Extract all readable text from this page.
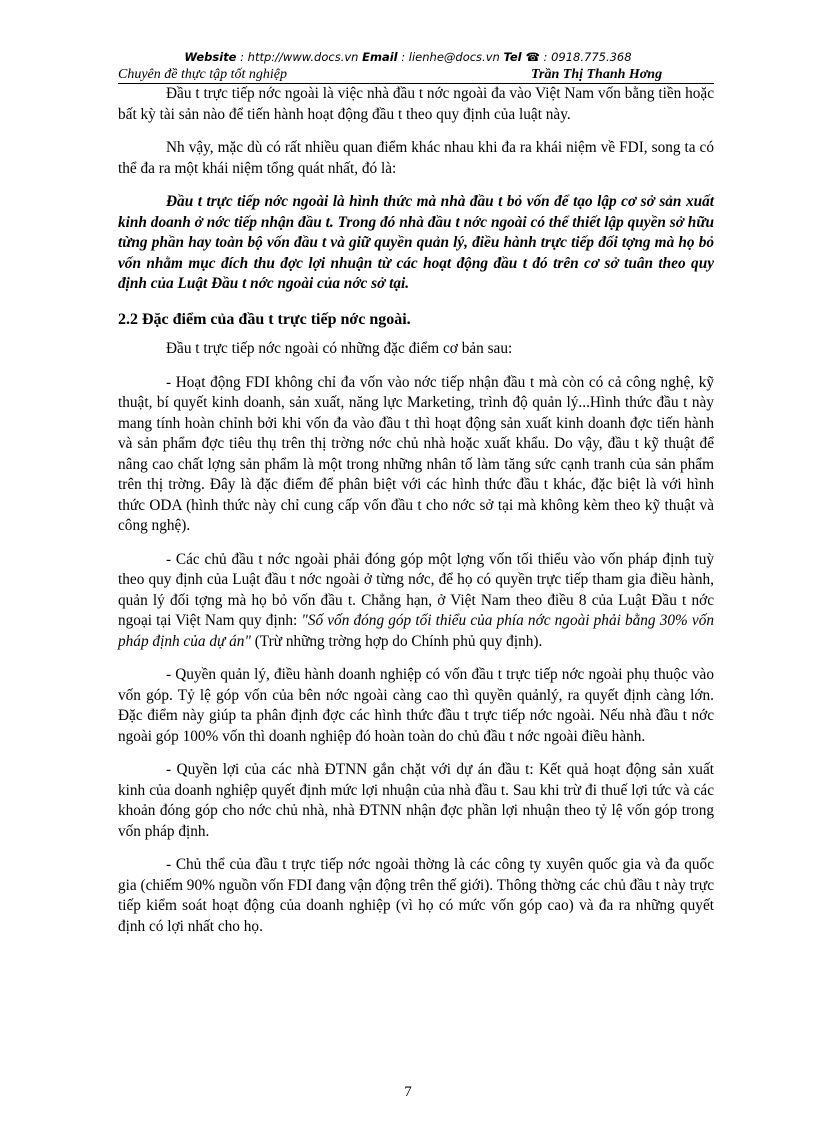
Website : http://www.docs.vn Email : lienhe@docs.vn Tel ☎ : 0918.775.368
Chuyên đề thực tập tốt nghiệp	Trần Thị Thanh Hơng

Đầu t trực tiếp nớc ngoài là việc nhà đầu t nớc ngoài đa vào Việt Nam vốn bằng tiền hoặc bất kỳ tài sản nào để tiến hành hoạt động đầu t theo quy định của luật này.

Nh vậy, mặc dù có rất nhiều quan điểm khác nhau khi đa ra khái niệm về FDI, song ta có thể đa ra một khái niệm tổng quát nhất, đó là:

Đầu t trực tiếp nớc ngoài là hình thức mà nhà đầu t bỏ vốn để tạo lập cơ sở sản xuất kinh doanh ở nớc tiếp nhận đầu t. Trong đó nhà đầu t nớc ngoài có thể thiết lập quyền sở hữu từng phần hay toàn bộ vốn đầu t và giữ quyền quản lý, điều hành trực tiếp đối tợng mà họ bỏ vốn nhằm mục đích thu đợc lợi nhuận từ các hoạt động đầu t đó trên cơ sở tuân theo quy định của Luật Đầu t nớc ngoài của nớc sở tại.

2.2 Đặc điểm của đầu t trực tiếp nớc ngoài.

Đầu t trực tiếp nớc ngoài có những đặc điểm cơ bản sau:

- Hoạt động FDI không chỉ đa vốn vào nớc tiếp nhận đầu t mà còn có cả công nghệ, kỹ thuật, bí quyết kinh doanh, sản xuất, năng lực Marketing, trình độ quản lý...Hình thức đầu t này mang tính hoàn chỉnh bởi khi vốn đa vào đầu t thì hoạt động sản xuất kinh doanh đợc tiến hành và sản phẩm đợc tiêu thụ trên thị trờng nớc chủ nhà hoặc xuất khẩu. Do vậy, đầu t kỹ thuật để nâng cao chất lợng sản phẩm là một trong những nhân tố làm tăng sức cạnh tranh của sản phẩm trên thị trờng. Đây là đặc điểm để phân biệt với các hình thức đầu t khác, đặc biệt là với hình thức ODA (hình thức này chỉ cung cấp vốn đầu t cho nớc sở tại mà không kèm theo kỹ thuật và công nghệ).

- Các chủ đầu t nớc ngoài phải đóng góp một lợng vốn tối thiểu vào vốn pháp định tuỳ theo quy định của Luật đầu t nớc ngoài ở từng nớc, để họ có quyền trực tiếp tham gia điều hành, quản lý đối tợng mà họ bỏ vốn đầu t. Chẳng hạn, ở Việt Nam theo điều 8 của Luật Đầu t nớc ngoại tại Việt Nam quy định: "Số vốn đóng góp tối thiểu của phía nớc ngoài phải bằng 30% vốn pháp định của dự án" (Trừ những trờng hợp do Chính phủ quy định).

- Quyền quản lý, điều hành doanh nghiệp có vốn đầu t trực tiếp nớc ngoài phụ thuộc vào vốn góp. Tỷ lệ góp vốn của bên nớc ngoài càng cao thì quyền quảnlý, ra quyết định càng lớn. Đặc điểm này giúp ta phân định đợc các hình thức đầu t trực tiếp nớc ngoài. Nếu nhà đầu t nớc ngoài góp 100% vốn thì doanh nghiệp đó hoàn toàn do chủ đầu t nớc ngoài điều hành.

- Quyền lợi của các nhà ĐTNN gắn chặt với dự án đầu t: Kết quả hoạt động sản xuất kinh của doanh nghiệp quyết định mức lợi nhuận của nhà đầu t. Sau khi trừ đi thuế lợi tức và các khoản đóng góp cho nớc chủ nhà, nhà ĐTNN nhận đợc phần lợi nhuận theo tỷ lệ vốn góp trong vốn pháp định.

- Chủ thể của đầu t trực tiếp nớc ngoài thờng là các công ty xuyên quốc gia và đa quốc gia (chiếm 90% nguồn vốn FDI đang vận động trên thế giới). Thông thờng các chủ đầu t này trực tiếp kiểm soát hoạt động của doanh nghiệp (vì họ có mức vốn góp cao) và đa ra những quyết định có lợi nhất cho họ.

7
